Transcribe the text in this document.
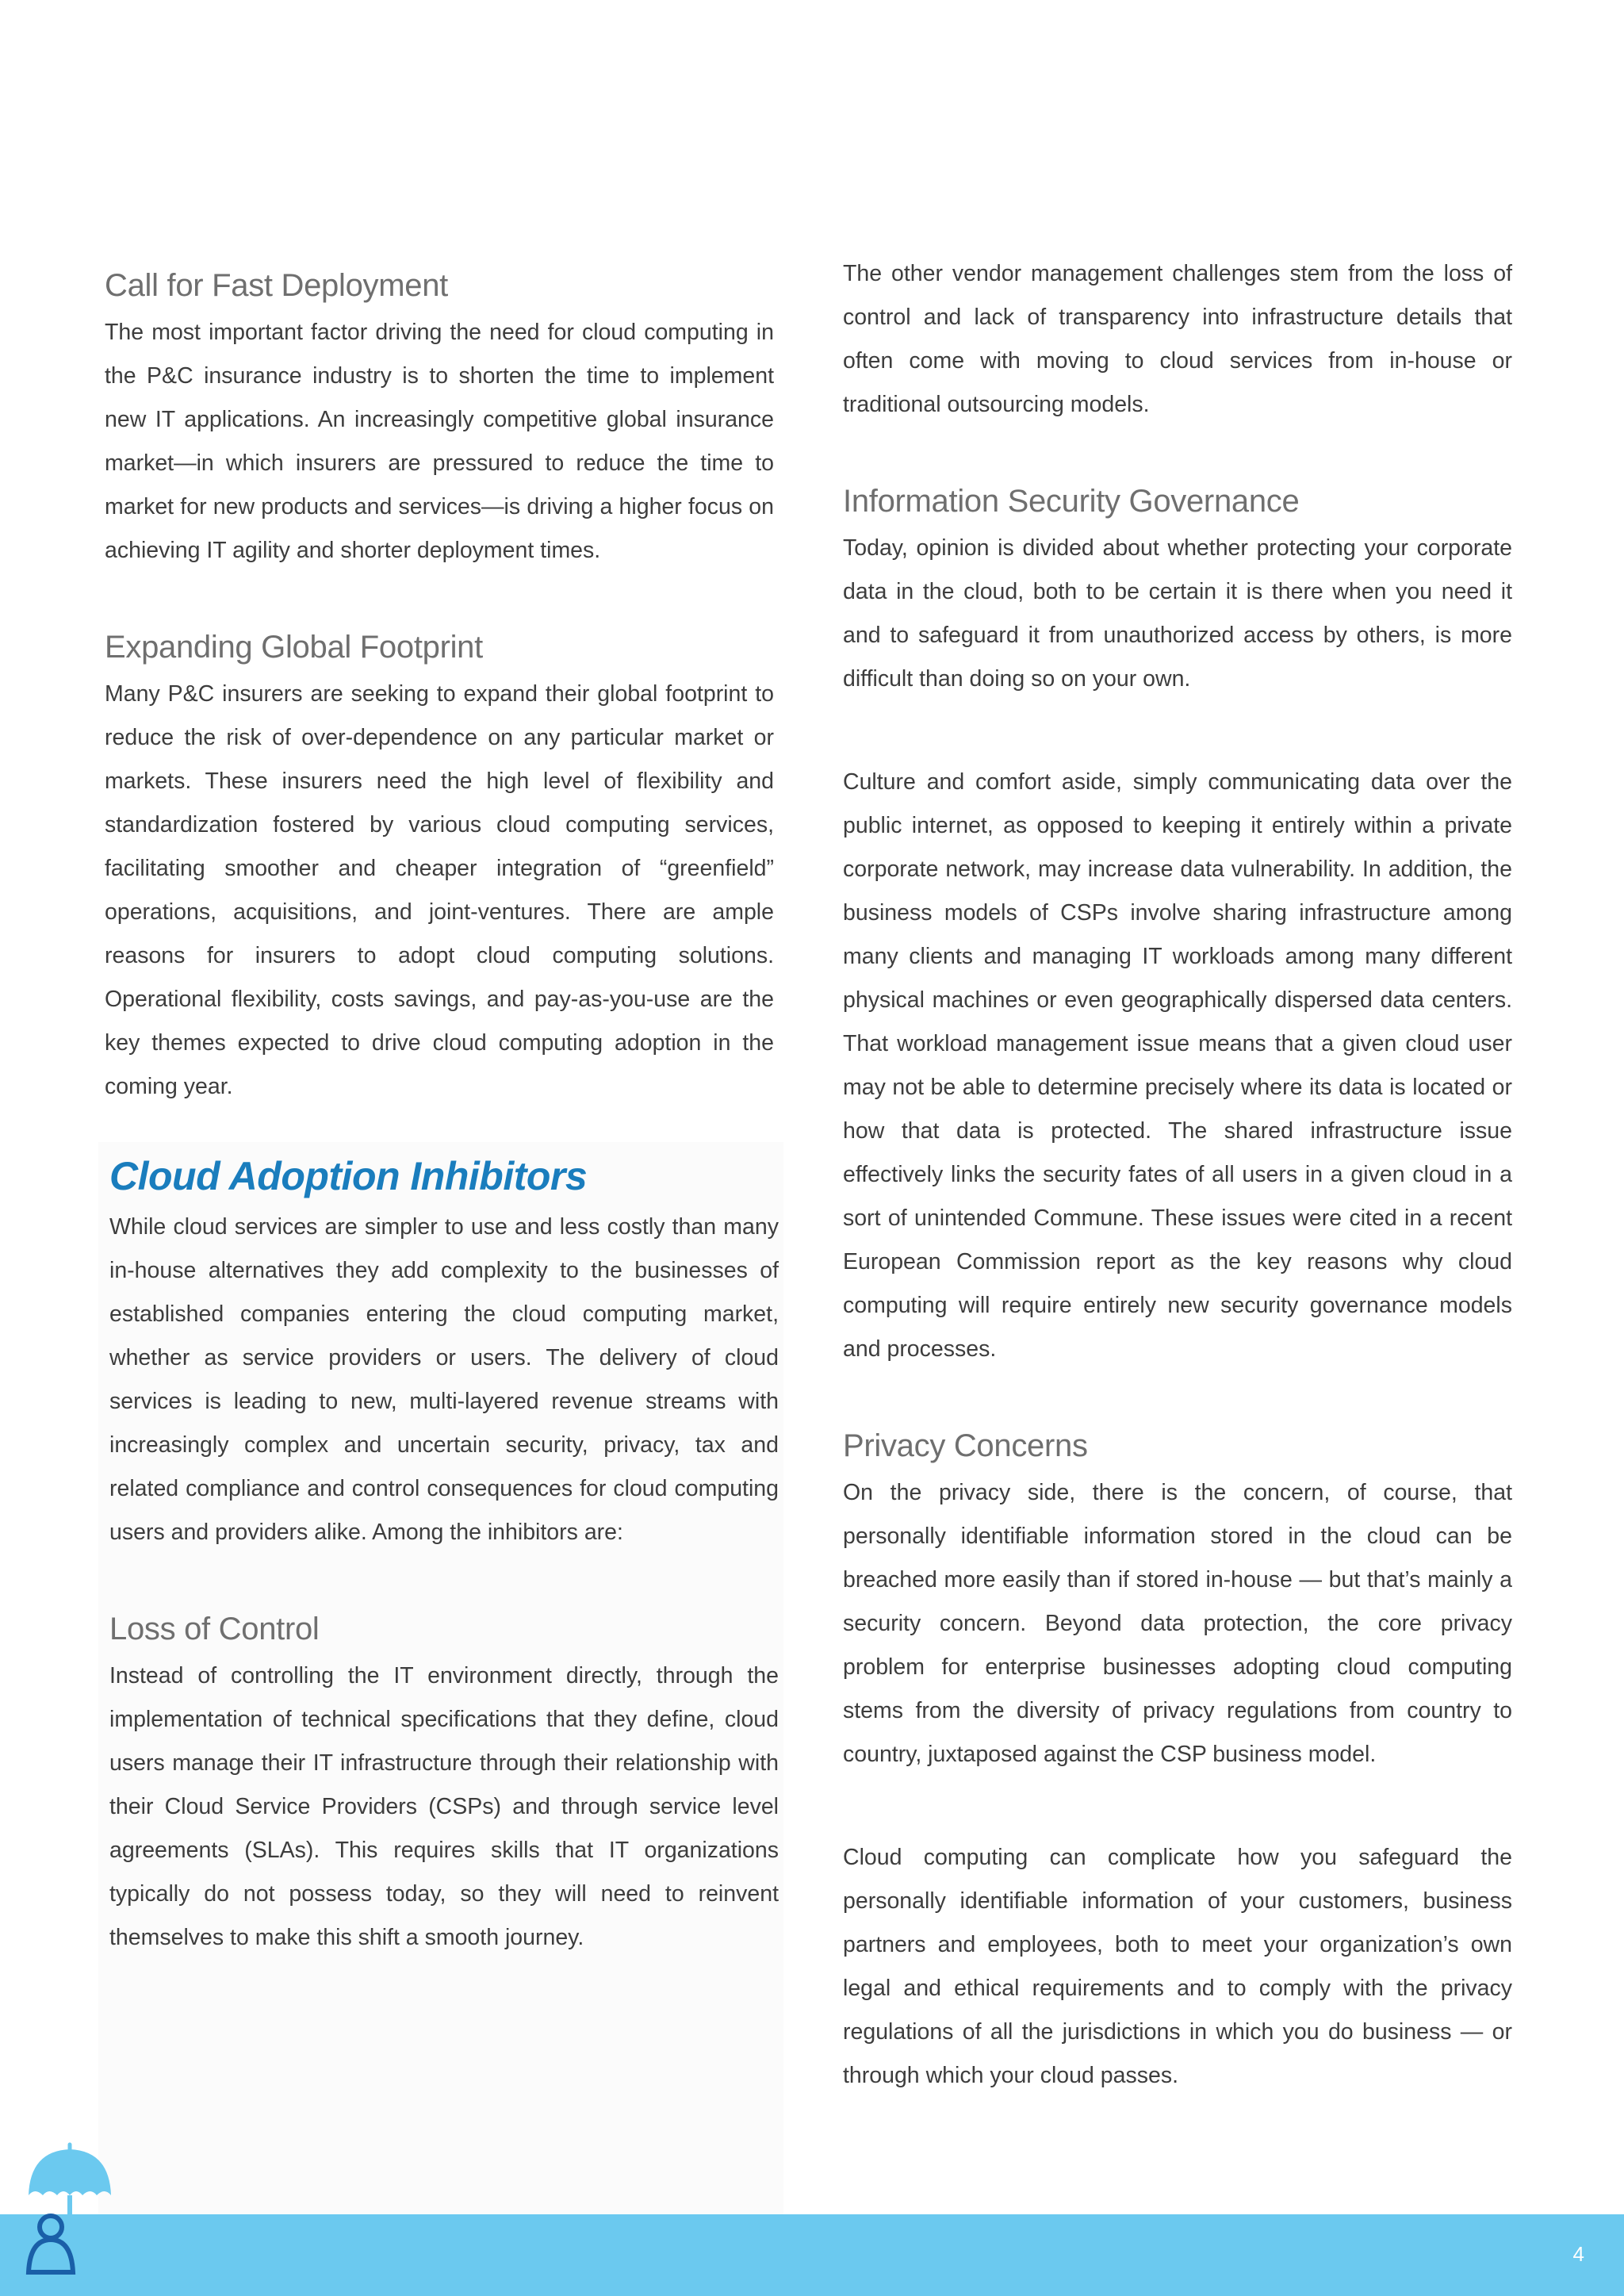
Call for Fast Deployment

The most important factor driving the need for cloud computing in the P&C insurance industry is to shorten the time to implement new IT applications. An increasingly competitive global insurance market—in which insurers are pressured to reduce the time to market for new products and services—is driving a higher focus on achieving IT agility and shorter deployment times.

Expanding Global Footprint

Many P&C insurers are seeking to expand their global footprint to reduce the risk of over-dependence on any particular market or markets. These insurers need the high level of flexibility and standardization fostered by various cloud computing services, facilitating smoother and cheaper integration of “greenfield” operations, acquisitions, and joint-ventures. There are ample reasons for insurers to adopt cloud computing solutions. Operational flexibility, costs savings, and pay-as-you-use are the key themes expected to drive cloud computing adoption in the coming year.

Cloud Adoption Inhibitors

While cloud services are simpler to use and less costly than many in-house alternatives they add complexity to the businesses of established companies entering the cloud computing market, whether as service providers or users. The delivery of cloud services is leading to new, multi-layered revenue streams with increasingly complex and uncertain security, privacy, tax and related compliance and control consequences for cloud computing users and providers alike. Among the inhibitors are:

Loss of Control

Instead of controlling the IT environment directly, through the implementation of technical specifications that they define, cloud users manage their IT infrastructure through their relationship with their Cloud Service Providers (CSPs) and through service level agreements (SLAs). This requires skills that IT organizations typically do not possess today, so they will need to reinvent themselves to make this shift a smooth journey.

The other vendor management challenges stem from the loss of control and lack of transparency into infrastructure details that often come with moving to cloud services from in-house or traditional outsourcing models.

Information Security Governance

Today, opinion is divided about whether protecting your corporate data in the cloud, both to be certain it is there when you need it and to safeguard it from unauthorized access by others, is more difficult than doing so on your own.

Culture and comfort aside, simply communicating data over the public internet, as opposed to keeping it entirely within a private corporate network, may increase data vulnerability. In addition, the business models of CSPs involve sharing infrastructure among many clients and managing IT workloads among many different physical machines or even geographically dispersed data centers. That workload management issue means that a given cloud user may not be able to determine precisely where its data is located or how that data is protected. The shared infrastructure issue effectively links the security fates of all users in a given cloud in a sort of unintended Commune. These issues were cited in a recent European Commission report as the key reasons why cloud computing will require entirely new security governance models and processes.

Privacy Concerns

On the privacy side, there is the concern, of course, that personally identifiable information stored in the cloud can be breached more easily than if stored in-house — but that’s mainly a security concern. Beyond data protection, the core privacy problem for enterprise businesses adopting cloud computing stems from the diversity of privacy regulations from country to country, juxtaposed against the CSP business model.

Cloud computing can complicate how you safeguard the personally identifiable information of your customers, business partners and employees, both to meet your organization’s own legal and ethical requirements and to comply with the privacy regulations of all the jurisdictions in which you do business — or through which your cloud passes.

4
